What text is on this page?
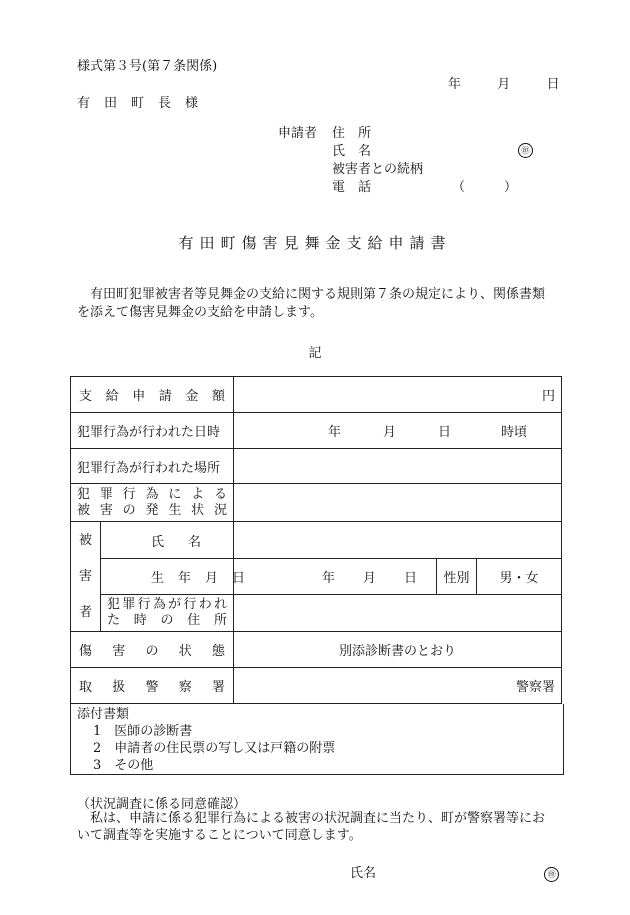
様式第３号(第７条関係)
年	月	日
有田町長様
申請者	住　所
氏　名	㊞
被害者との続柄
電　話	（　　　）
有田町傷害見舞金支給申請書
有田町犯罪被害者等見舞金の支給に関する規則第７条の規定により、関係書類を添えて傷害見舞金の支給を申請します。
記
支給申請金額		円		
犯罪行為が行われた日時		年 月 日 時頃		

犯罪行為が行われた場所				

犯罪行為による
被害の発生状況				

被
害
者	氏　名			

	生年月日	年 月 日	性別	男・女

	犯罪行為が行われ
た時の住所			

傷害の状態		別添診断書のとおり		

取扱警察署		警察署		
添付書類
1　 医師の診断書
2　 申請者の住民票の写し又は戸籍の附票
3　 その他
（状況調査に係る同意確認）
私は、申請に係る犯罪行為による被害の状況調査に当たり、町が警察署等において調査等を実施することについて同意します。
氏名	㊞
